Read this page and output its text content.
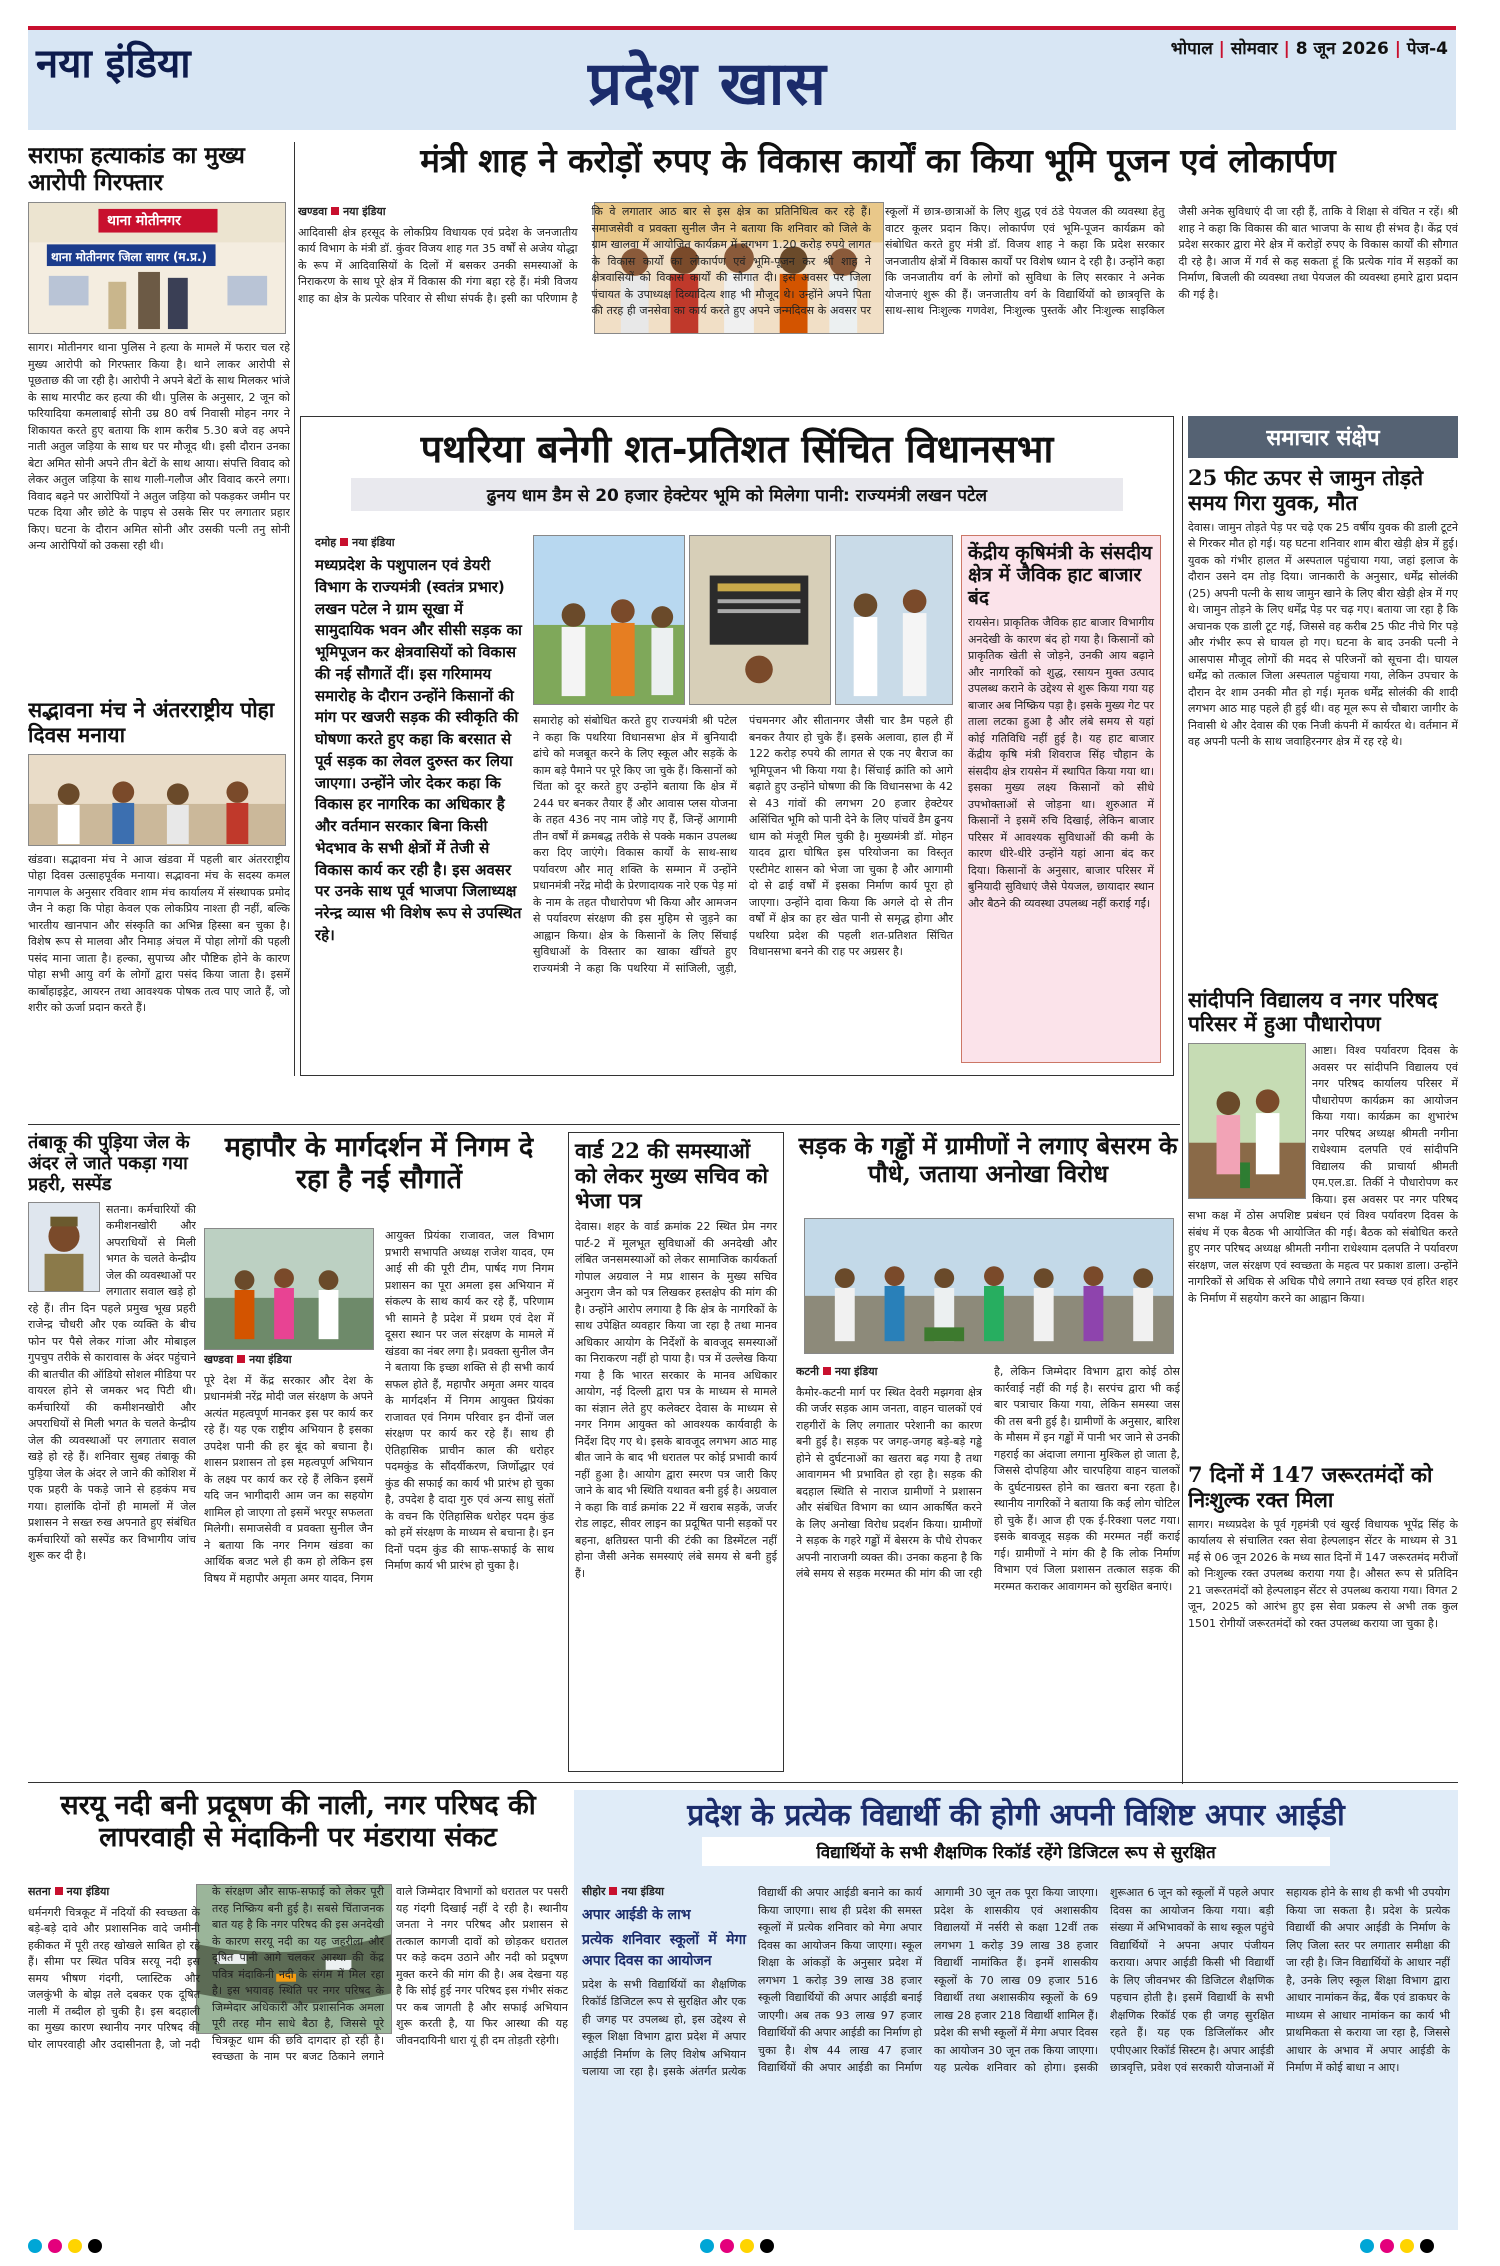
नया इंडिया	प्रदेश खास	भोपाल | सोमवार | 8 जून 2026 | पेज-4
सराफा हत्याकांड का मुख्य आरोपी गिरफ्तार
थाना मोतीनगर
थाना मोतीनगर जिला सागर (म.प्र.)
सागर। मोतीनगर थाना पुलिस ने हत्या के मामले में फरार चल रहे मुख्य आरोपी को गिरफ्तार किया है। थाने लाकर आरोपी से पूछताछ की जा रही है। आरोपी ने अपने बेटों के साथ मिलकर भांजे के साथ मारपीट कर हत्या की थी। पुलिस के अनुसार, 2 जून को फरियादिया कमलाबाई सोनी उम्र 80 वर्ष निवासी मोहन नगर ने शिकायत करते हुए बताया कि शाम करीब 5.30 बजे वह अपने नाती अतुल जड़िया के साथ घर पर मौजूद थी। इसी दौरान उनका बेटा अमित सोनी अपने तीन बेटों के साथ आया। संपत्ति विवाद को लेकर अतुल जड़िया के साथ गाली-गलौज और विवाद करने लगा। विवाद बढ़ने पर आरोपियों ने अतुल जड़िया को पकड़कर जमीन पर पटक दिया और छोटे के पाइप से उसके सिर पर लगातार प्रहार किए। घटना के दौरान अमित सोनी और उसकी पत्नी तनु सोनी अन्य आरोपियों को उकसा रही थी।
मंत्री शाह ने करोड़ों रुपए के विकास कार्यों का किया भूमि पूजन एवं लोकार्पण
खण्डवा नया इंडिया
आदिवासी क्षेत्र हरसूद के लोकप्रिय विधायक एवं प्रदेश के जनजातीय कार्य विभाग के मंत्री डॉ. कुंवर विजय शाह गत 35 वर्षों से अजेय योद्धा के रूप में आदिवासियों के दिलों में बसकर उनकी समस्याओं के निराकरण के साथ पूरे क्षेत्र में विकास की गंगा बहा रहे हैं। मंत्री विजय शाह का क्षेत्र के प्रत्येक परिवार से सीधा संपर्क है। इसी का परिणाम है कि वे लगातार आठ बार से इस क्षेत्र का प्रतिनिधित्व कर रहे हैं। समाजसेवी व प्रवक्ता सुनील जैन ने बताया कि शनिवार को जिले के ग्राम खालवा में आयोजित कार्यक्रम में लगभग 1.20 करोड़ रुपये लागत के विकास कार्यों का लोकार्पण एवं भूमि-पूजन कर श्री शाह ने क्षेत्रवासियों को विकास कार्यों की सौगात दी। इस अवसर पर जिला पंचायत के उपाध्यक्ष दिव्यादित्य शाह भी मौजूद थे। उन्होंने अपने पिता की तरह ही जनसेवा का कार्य करते हुए अपने जन्मदिवस के अवसर पर स्कूलों में छात्र-छात्राओं के लिए शुद्ध एवं ठंडे पेयजल की व्यवस्था हेतु वाटर कूलर प्रदान किए। लोकार्पण एवं भूमि-पूजन कार्यक्रम को संबोधित करते हुए मंत्री डॉ. विजय शाह ने कहा कि प्रदेश सरकार जनजातीय क्षेत्रों में विकास कार्यों पर विशेष ध्यान दे रही है। उन्होंने कहा कि जनजातीय वर्ग के लोगों को सुविधा के लिए सरकार ने अनेक योजनाएं शुरू की हैं। जनजातीय वर्ग के विद्यार्थियों को छात्रवृत्ति के साथ-साथ निःशुल्क गणवेश, निःशुल्क पुस्तकें और निःशुल्क साइकिल जैसी अनेक सुविधाएं दी जा रही हैं, ताकि वे शिक्षा से वंचित न रहें। श्री शाह ने कहा कि विकास की बात भाजपा के साथ ही संभव है। केंद्र एवं प्रदेश सरकार द्वारा मेरे क्षेत्र में करोड़ों रुपए के विकास कार्यों की सौगात दी रहे है। आज में गर्व से कह सकता हूं कि प्रत्येक गांव में सड़कों का निर्माण, बिजली की व्यवस्था तथा पेयजल की व्यवस्था हमारे द्वारा प्रदान की गई है।
पथरिया बनेगी शत-प्रतिशत सिंचित विधानसभा
ढुनय धाम डैम से 20 हजार हेक्टेयर भूमि को मिलेगा पानी: राज्यमंत्री लखन पटेल
दमोह नया इंडिया
मध्यप्रदेश के पशुपालन एवं डेयरी विभाग के राज्यमंत्री (स्वतंत्र प्रभार) लखन पटेल ने ग्राम सूखा में सामुदायिक भवन और सीसी सड़क का भूमिपूजन कर क्षेत्रवासियों को विकास की नई सौगातें दीं। इस गरिमामय समारोह के दौरान उन्होंने किसानों की मांग पर खजरी सड़क की स्वीकृति की घोषणा करते हुए कहा कि बरसात से पूर्व सड़क का लेवल दुरुस्त कर लिया जाएगा। उन्होंने जोर देकर कहा कि विकास हर नागरिक का अधिकार है और वर्तमान सरकार बिना किसी भेदभाव के सभी क्षेत्रों में तेजी से विकास कार्य कर रही है। इस अवसर पर उनके साथ पूर्व भाजपा जिलाध्यक्ष नरेन्द्र व्यास भी विशेष रूप से उपस्थित रहे।
समारोह को संबोधित करते हुए राज्यमंत्री श्री पटेल ने कहा कि पथरिया विधानसभा क्षेत्र में बुनियादी ढांचे को मजबूत करने के लिए स्कूल और सड़कें के काम बड़े पैमाने पर पूरे किए जा चुके हैं। किसानों को चिंता को दूर करते हुए उन्होंने बताया कि क्षेत्र में 244 घर बनकर तैयार हैं और आवास प्लस योजना के तहत 436 नए नाम जोड़े गए हैं, जिन्हें आगामी तीन वर्षों में क्रमबद्ध तरीके से पक्के मकान उपलब्ध करा दिए जाएंगे। विकास कार्यों के साथ-साथ पर्यावरण और मातृ शक्ति के सम्मान में उन्होंने प्रधानमंत्री नरेंद्र मोदी के प्रेरणादायक नारे एक पेड़ मां के नाम के तहत पौधारोपण भी किया और आमजन से पर्यावरण संरक्षण की इस मुहिम से जुड़ने का आह्वान किया। क्षेत्र के किसानों के लिए सिंचाई सुविधाओं के विस्तार का खाका खींचते हुए राज्यमंत्री ने कहा कि पथरिया में सांजिली, जुड़ी, पंचमनगर और सीतानगर जैसी चार डैम पहले ही बनकर तैयार हो चुके हैं। इसके अलावा, हाल ही में 122 करोड़ रुपये की लागत से एक नए बैराज का भूमिपूजन भी किया गया है। सिंचाई क्रांति को आगे बढ़ाते हुए उन्होंने घोषणा की कि विधानसभा के 42 से 43 गांवों की लगभग 20 हजार हेक्टेयर असिंचित भूमि को पानी देने के लिए पांचवें डैम ढुनय धाम को मंजूरी मिल चुकी है। मुख्यमंत्री डॉ. मोहन यादव द्वारा घोषित इस परियोजना का विस्तृत एस्टीमेट शासन को भेजा जा चुका है और आगामी दो से ढाई वर्षों में इसका निर्माण कार्य पूरा हो जाएगा। उन्होंने दावा किया कि अगले दो से तीन वर्षों में क्षेत्र का हर खेत पानी से समृद्ध होगा और पथरिया प्रदेश की पहली शत-प्रतिशत सिंचित विधानसभा बनने की राह पर अग्रसर है।
केंद्रीय कृषिमंत्री के संसदीय क्षेत्र में जैविक हाट बाजार बंद
रायसेन। प्राकृतिक जैविक हाट बाजार विभागीय अनदेखी के कारण बंद हो गया है। किसानों को प्राकृतिक खेती से जोड़ने, उनकी आय बढ़ाने और नागरिकों को शुद्ध, रसायन मुक्त उत्पाद उपलब्ध कराने के उद्देश्य से शुरू किया गया यह बाजार अब निष्क्रिय पड़ा है। इसके मुख्य गेट पर ताला लटका हुआ है और लंबे समय से यहां कोई गतिविधि नहीं हुई है। यह हाट बाजार केंद्रीय कृषि मंत्री शिवराज सिंह चौहान के संसदीय क्षेत्र रायसेन में स्थापित किया गया था। इसका मुख्य लक्ष्य किसानों को सीधे उपभोक्ताओं से जोड़ना था। शुरुआत में किसानों ने इसमें रुचि दिखाई, लेकिन बाजार परिसर में आवश्यक सुविधाओं की कमी के कारण धीरे-धीरे उन्होंने यहां आना बंद कर दिया। किसानों के अनुसार, बाजार परिसर में बुनियादी सुविधाएं जैसे पेयजल, छायादार स्थान और बैठने की व्यवस्था उपलब्ध नहीं कराई गईं।
सद्भावना मंच ने अंतरराष्ट्रीय पोहा दिवस मनाया
खंडवा। सद्भावना मंच ने आज खंडवा में पहली बार अंतरराष्ट्रीय पोहा दिवस उत्साहपूर्वक मनाया। सद्भावना मंच के सदस्य कमल नागपाल के अनुसार रविवार शाम मंच कार्यालय में संस्थापक प्रमोद जैन ने कहा कि पोहा केवल एक लोकप्रिय नाश्ता ही नहीं, बल्कि भारतीय खानपान और संस्कृति का अभिन्न हिस्सा बन चुका है। विशेष रूप से मालवा और निमाड़ अंचल में पोहा लोगों की पहली पसंद माना जाता है। हल्का, सुपाच्य और पौष्टिक होने के कारण पोहा सभी आयु वर्ग के लोगों द्वारा पसंद किया जाता है। इसमें कार्बोहाइड्रेट, आयरन तथा आवश्यक पोषक तत्व पाए जाते हैं, जो शरीर को ऊर्जा प्रदान करते हैं।
समाचार संक्षेप
25 फीट ऊपर से जामुन तोड़ते समय गिरा युवक, मौत
देवास। जामुन तोड़ते पेड़ पर चढ़े एक 25 वर्षीय युवक की डाली टूटने से गिरकर मौत हो गई। यह घटना शनिवार शाम बीरा खेड़ी क्षेत्र में हुई। युवक को गंभीर हालत में अस्पताल पहुंचाया गया, जहां इलाज के दौरान उसने दम तोड़ दिया। जानकारी के अनुसार, धर्मेंद्र सोलंकी (25) अपनी पत्नी के साथ जामुन खाने के लिए बीरा खेड़ी क्षेत्र में गए थे। जामुन तोड़ने के लिए धर्मेंद्र पेड़ पर चढ़ गए। बताया जा रहा है कि अचानक एक डाली टूट गई, जिससे वह करीब 25 फीट नीचे गिर पड़े और गंभीर रूप से घायल हो गए। घटना के बाद उनकी पत्नी ने आसपास मौजूद लोगों की मदद से परिजनों को सूचना दी। घायल धर्मेंद्र को तत्काल जिला अस्पताल पहुंचाया गया, लेकिन उपचार के दौरान देर शाम उनकी मौत हो गई। मृतक धर्मेंद्र सोलंकी की शादी लगभग आठ माह पहले ही हुई थी। वह मूल रूप से चौबारा जागीर के निवासी थे और देवास की एक निजी कंपनी में कार्यरत थे। वर्तमान में वह अपनी पत्नी के साथ जवाहिरनगर क्षेत्र में रह रहे थे।
सांदीपनि विद्यालय व नगर परिषद परिसर में हुआ पौधारोपण
आष्टा। विश्व पर्यावरण दिवस के अवसर पर सांदीपनि विद्यालय एवं नगर परिषद कार्यालय परिसर में पौधारोपण कार्यक्रम का आयोजन किया गया। कार्यक्रम का शुभारंभ नगर परिषद अध्यक्ष श्रीमती नगीना राधेश्याम दलपति एवं सांदीपनि विद्यालय की प्राचार्या श्रीमती एम.एल.डा. तिर्की ने पौधारोपण कर किया। इस अवसर पर नगर परिषद सभा कक्ष में ठोस अपशिष्ट प्रबंधन एवं विश्व पर्यावरण दिवस के संबंध में एक बैठक भी आयोजित की गई। बैठक को संबोधित करते हुए नगर परिषद अध्यक्ष श्रीमती नगीना राधेश्याम दलपति ने पर्यावरण संरक्षण, जल संरक्षण एवं स्वच्छता के महत्व पर प्रकाश डाला। उन्होंने नागरिकों से अधिक से अधिक पौधे लगाने तथा स्वच्छ एवं हरित शहर के निर्माण में सहयोग करने का आह्वान किया।
7 दिनों में 147 जरूरतमंदों को निःशुल्क रक्त मिला
सागर। मध्यप्रदेश के पूर्व गृहमंत्री एवं खुरई विधायक भूपेंद्र सिंह के कार्यालय से संचालित रक्त सेवा हेल्पलाइन सेंटर के माध्यम से 31 मई से 06 जून 2026 के मध्य सात दिनों में 147 जरूरतमंद मरीजों को निःशुल्क रक्त उपलब्ध कराया गया है। औसत रूप से प्रतिदिन 21 जरूरतमंदों को हेल्पलाइन सेंटर से उपलब्ध कराया गया। विगत 2 जून, 2025 को आरंभ हुए इस सेवा प्रकल्प से अभी तक कुल 1501 रोगीयों जरूरतमंदों को रक्त उपलब्ध कराया जा चुका है।
तंबाकू की पुड़िया जेल के अंदर ले जाते पकड़ा गया प्रहरी, सस्पेंड
सतना। कर्मचारियों की कमीशनखोरी और अपराधियों से मिली भगत के चलते केन्द्रीय जेल की व्यवस्थाओं पर लगातार सवाल खड़े हो रहे हैं। तीन दिन पहले प्रमुख भूख प्रहरी राजेन्द्र चौधरी और एक व्यक्ति के बीच फोन पर पैसे लेकर गांजा और मोबाइल गुपचुप तरीके से कारावास के अंदर पहुंचाने की बातचीत की ऑडियो सोशल मीडिया पर वायरल होने से जमकर भद पिटी थी। कर्मचारियों की कमीशनखोरी और अपराधियों से मिली भगत के चलते केन्द्रीय जेल की व्यवस्थाओं पर लगातार सवाल खड़े हो रहे हैं। शनिवार सुबह तंबाकू की पुड़िया जेल के अंदर ले जाने की कोशिश में एक प्रहरी के पकड़े जाने से हड़कंप मच गया। हालांकि दोनों ही मामलों में जेल प्रशासन ने सख्त रुख अपनाते हुए संबंधित कर्मचारियों को सस्पेंड कर विभागीय जांच शुरू कर दी है।
महापौर के मार्गदर्शन में निगम दे रहा है नई सौगातें
खण्डवा नया इंडिया
पूरे देश में केंद्र सरकार और देश के प्रधानमंत्री नरेंद्र मोदी जल संरक्षण के अपने अत्यंत महत्वपूर्ण मानकर इस पर कार्य कर रहे हैं। यह एक राष्ट्रीय अभियान है इसका उपदेश पानी की हर बूंद को बचाना है। शासन प्रशासन तो इस महत्वपूर्ण अभियान के लक्ष्य पर कार्य कर रहे हैं लेकिन इसमें यदि जन भागीदारी आम जन का सहयोग शामिल हो जाएगा तो इसमें भरपूर सफलता मिलेगी। समाजसेवी व प्रवक्ता सुनील जैन ने बताया कि नगर निगम खंडवा का आर्थिक बजट भले ही कम हो लेकिन इस विषय में महापौर अमृता अमर यादव, निगम आयुक्त प्रियंका राजावत, जल विभाग प्रभारी सभापति अध्यक्ष राजेश यादव, एम आई सी की पूरी टीम, पार्षद गण निगम प्रशासन का पूरा अमला इस अभियान में संकल्प के साथ कार्य कर रहे हैं, परिणाम भी सामने है प्रदेश में प्रथम एवं देश में दूसरा स्थान पर जल संरक्षण के मामले में खंडवा का नंबर लगा है। प्रवक्ता सुनील जैन ने बताया कि इच्छा शक्ति से ही सभी कार्य सफल होते हैं, महापौर अमृता अमर यादव के मार्गदर्शन में निगम आयुक्त प्रियंका राजावत एवं निगम परिवार इन दीनों जल संरक्षण पर कार्य कर रहे हैं। साथ ही ऐतिहासिक प्राचीन काल की धरोहर पदमकुंड के सौंदर्यीकरण, जिर्णोद्धार एवं कुंड की सफाई का कार्य भी प्रारंभ हो चुका है, उपदेश है दादा गुरु एवं अन्य साधु संतों के वचन कि ऐतिहासिक धरोहर पदम कुंड को हमें संरक्षण के माध्यम से बचाना है। इन दिनों पदम कुंड की साफ-सफाई के साथ निर्माण कार्य भी प्रारंभ हो चुका है।
वार्ड 22 की समस्याओं को लेकर मुख्य सचिव को भेजा पत्र
देवास। शहर के वार्ड क्रमांक 22 स्थित प्रेम नगर पार्ट-2 में मूलभूत सुविधाओं की अनदेखी और लंबित जनसमस्याओं को लेकर सामाजिक कार्यकर्ता गोपाल अग्रवाल ने मप्र शासन के मुख्य सचिव अनुराग जैन को पत्र लिखकर हस्तक्षेप की मांग की है। उन्होंने आरोप लगाया है कि क्षेत्र के नागरिकों के साथ उपेक्षित व्यवहार किया जा रहा है तथा मानव अधिकार आयोग के निर्देशों के बावजूद समस्याओं का निराकरण नहीं हो पाया है। पत्र में उल्लेख किया गया है कि भारत सरकार के मानव अधिकार आयोग, नई दिल्ली द्वारा पत्र के माध्यम से मामले का संज्ञान लेते हुए कलेक्टर देवास के माध्यम से नगर निगम आयुक्त को आवश्यक कार्यवाही के निर्देश दिए गए थे। इसके बावजूद लगभग आठ माह बीत जाने के बाद भी धरातल पर कोई प्रभावी कार्य नहीं हुआ है। आयोग द्वारा स्मरण पत्र जारी किए जाने के बाद भी स्थिति यथावत बनी हुई है। अग्रवाल ने कहा कि वार्ड क्रमांक 22 में खराब सड़कें, जर्जर रोड लाइट, सीवर लाइन का प्रदूषित पानी सड़कों पर बहना, क्षतिग्रस्त पानी की टंकी का डिस्मेंटल नहीं होना जैसी अनेक समस्याएं लंबे समय से बनी हुई हैं।
सड़क के गड्ढों में ग्रामीणों ने लगाए बेसरम के पौधे, जताया अनोखा विरोध
कटनी नया इंडिया
कैमोर-कटनी मार्ग पर स्थित देवरी मझगवा क्षेत्र की जर्जर सड़क आम जनता, वाहन चालकों एवं राहगीरों के लिए लगातार परेशानी का कारण बनी हुई है। सड़क पर जगह-जगह बड़े-बड़े गड्ढे होने से दुर्घटनाओं का खतरा बढ़ गया है तथा आवागमन भी प्रभावित हो रहा है। सड़क की बदहाल स्थिति से नाराज ग्रामीणों ने प्रशासन और संबंधित विभाग का ध्यान आकर्षित करने के लिए अनोखा विरोध प्रदर्शन किया। ग्रामीणों ने सड़क के गहरे गड्ढों में बेसरम के पौधे रोपकर अपनी नाराजगी व्यक्त की। उनका कहना है कि लंबे समय से सड़क मरम्मत की मांग की जा रही है, लेकिन जिम्मेदार विभाग द्वारा कोई ठोस कार्रवाई नहीं की गई है। सरपंच द्वारा भी कई बार पत्राचार किया गया, लेकिन समस्या जस की तस बनी हुई है। ग्रामीणों के अनुसार, बारिश के मौसम में इन गड्ढों में पानी भर जाने से उनकी गहराई का अंदाजा लगाना मुश्किल हो जाता है, जिससे दोपहिया और चारपहिया वाहन चालकों के दुर्घटनाग्रस्त होने का खतरा बना रहता है। स्थानीय नागरिकों ने बताया कि कई लोग चोटिल हो चुके हैं। आज ही एक ई-रिक्शा पलट गया। इसके बावजूद सड़क की मरम्मत नहीं कराई गई। ग्रामीणों ने मांग की है कि लोक निर्माण विभाग एवं जिला प्रशासन तत्काल सड़क की मरम्मत कराकर आवागमन को सुरक्षित बनाएं।
सरयू नदी बनी प्रदूषण की नाली, नगर परिषद की लापरवाही से मंदाकिनी पर मंडराया संकट
सतना नया इंडिया
धर्मनगरी चित्रकूट में नदियों की स्वच्छता के बड़े-बड़े दावे और प्रशासनिक वादे जमीनी हकीकत में पूरी तरह खोखले साबित हो रहे हैं। सीमा पर स्थित पवित्र सरयू नदी इस समय भीषण गंदगी, प्लास्टिक और जलकुंभी के बोझ तले दबकर एक दूषित नाली में तब्दील हो चुकी है। इस बदहाली का मुख्य कारण स्थानीय नगर परिषद की घोर लापरवाही और उदासीनता है, जो नदी के संरक्षण और साफ-सफाई को लेकर पूरी तरह निष्क्रिय बनी हुई है। सबसे चिंताजनक बात यह है कि नगर परिषद की इस अनदेखी के कारण सरयू नदी का यह जहरीला और दूषित पानी आगे चलकर आस्था की केंद्र पवित्र मंदाकिनी नदी के संगम में मिल रहा है। इस भयावह स्थिति पर नगर परिषद के जिम्मेदार अधिकारी और प्रशासनिक अमला पूरी तरह मौन साधे बैठा है, जिससे पूरे चित्रकूट धाम की छवि दागदार हो रही है। स्वच्छता के नाम पर बजट ठिकाने लगाने वाले जिम्मेदार विभागों को धरातल पर पसरी यह गंदगी दिखाई नहीं दे रही है। स्थानीय जनता ने नगर परिषद और प्रशासन से तत्काल कागजी दावों को छोड़कर धरातल पर कड़े कदम उठाने और नदी को प्रदूषण मुक्त करने की मांग की है। अब देखना यह है कि सोई हुई नगर परिषद इस गंभीर संकट पर कब जागती है और सफाई अभियान शुरू करती है, या फिर आस्था की यह जीवनदायिनी धारा यूं ही दम तोड़ती रहेगी।
प्रदेश के प्रत्येक विद्यार्थी की होगी अपनी विशिष्ट अपार आईडी
विद्यार्थियों के सभी शैक्षणिक रिकॉर्ड रहेंगे डिजिटल रूप से सुरक्षित
सीहोर नया इंडिया
अपार आईडी के लाभ
प्रत्येक शनिवार स्कूलों में मेगा अपार दिवस का आयोजन
प्रदेश के सभी विद्यार्थियों का शैक्षणिक रिकॉर्ड डिजिटल रूप से सुरक्षित और एक ही जगह पर उपलब्ध हो, इस उद्देश्य से स्कूल शिक्षा विभाग द्वारा प्रदेश में अपार आईडी निर्माण के लिए विशेष अभियान चलाया जा रहा है। इसके अंतर्गत प्रत्येक विद्यार्थी की अपार आईडी बनाने का कार्य किया जाएगा। साथ ही प्रदेश की समस्त स्कूलों में प्रत्येक शनिवार को मेगा अपार दिवस का आयोजन किया जाएगा। स्कूल शिक्षा के आंकड़ों के अनुसार प्रदेश में लगभग 1 करोड़ 39 लाख 38 हजार स्कूली विद्यार्थियों की अपार आईडी बनाई जाएगी। अब तक 93 लाख 97 हजार विद्यार्थियों की अपार आईडी का निर्माण हो चुका है। शेष 44 लाख 47 हजार विद्यार्थियों की अपार आईडी का निर्माण आगामी 30 जून तक पूरा किया जाएगा। प्रदेश के शासकीय एवं अशासकीय विद्यालयों में नर्सरी से कक्षा 12वीं तक लगभग 1 करोड़ 39 लाख 38 हजार विद्यार्थी नामांकित हैं। इनमें शासकीय स्कूलों के 70 लाख 09 हजार 516 विद्यार्थी तथा अशासकीय स्कूलों के 69 लाख 28 हजार 218 विद्यार्थी शामिल हैं। प्रदेश की सभी स्कूलों में मेगा अपार दिवस का आयोजन 30 जून तक किया जाएगा। यह प्रत्येक शनिवार को होगा। इसकी शुरूआत 6 जून को स्कूलों में पहले अपार दिवस का आयोजन किया गया। बड़ी संख्या में अभिभावकों के साथ स्कूल पहुंचे विद्यार्थियों ने अपना अपार पंजीयन कराया। अपार आईडी किसी भी विद्यार्थी के लिए जीवनभर की डिजिटल शैक्षणिक पहचान होती है। इसमें विद्यार्थी के सभी शैक्षणिक रिकॉर्ड एक ही जगह सुरक्षित रहते हैं। यह एक डिजिलॉकर और एपीएआर रिकॉर्ड सिस्टम है। अपार आईडी छात्रवृत्ति, प्रवेश एवं सरकारी योजनाओं में सहायक होने के साथ ही कभी भी उपयोग किया जा सकता है। प्रदेश के प्रत्येक विद्यार्थी की अपार आईडी के निर्माण के लिए जिला स्तर पर लगातार समीक्षा की जा रही है। जिन विद्यार्थियों के आधार नहीं है, उनके लिए स्कूल शिक्षा विभाग द्वारा आधार नामांकन केंद्र, बैंक एवं डाकघर के माध्यम से आधार नामांकन का कार्य भी प्राथमिकता से कराया जा रहा है, जिससे आधार के अभाव में अपार आईडी के निर्माण में कोई बाधा न आए।
